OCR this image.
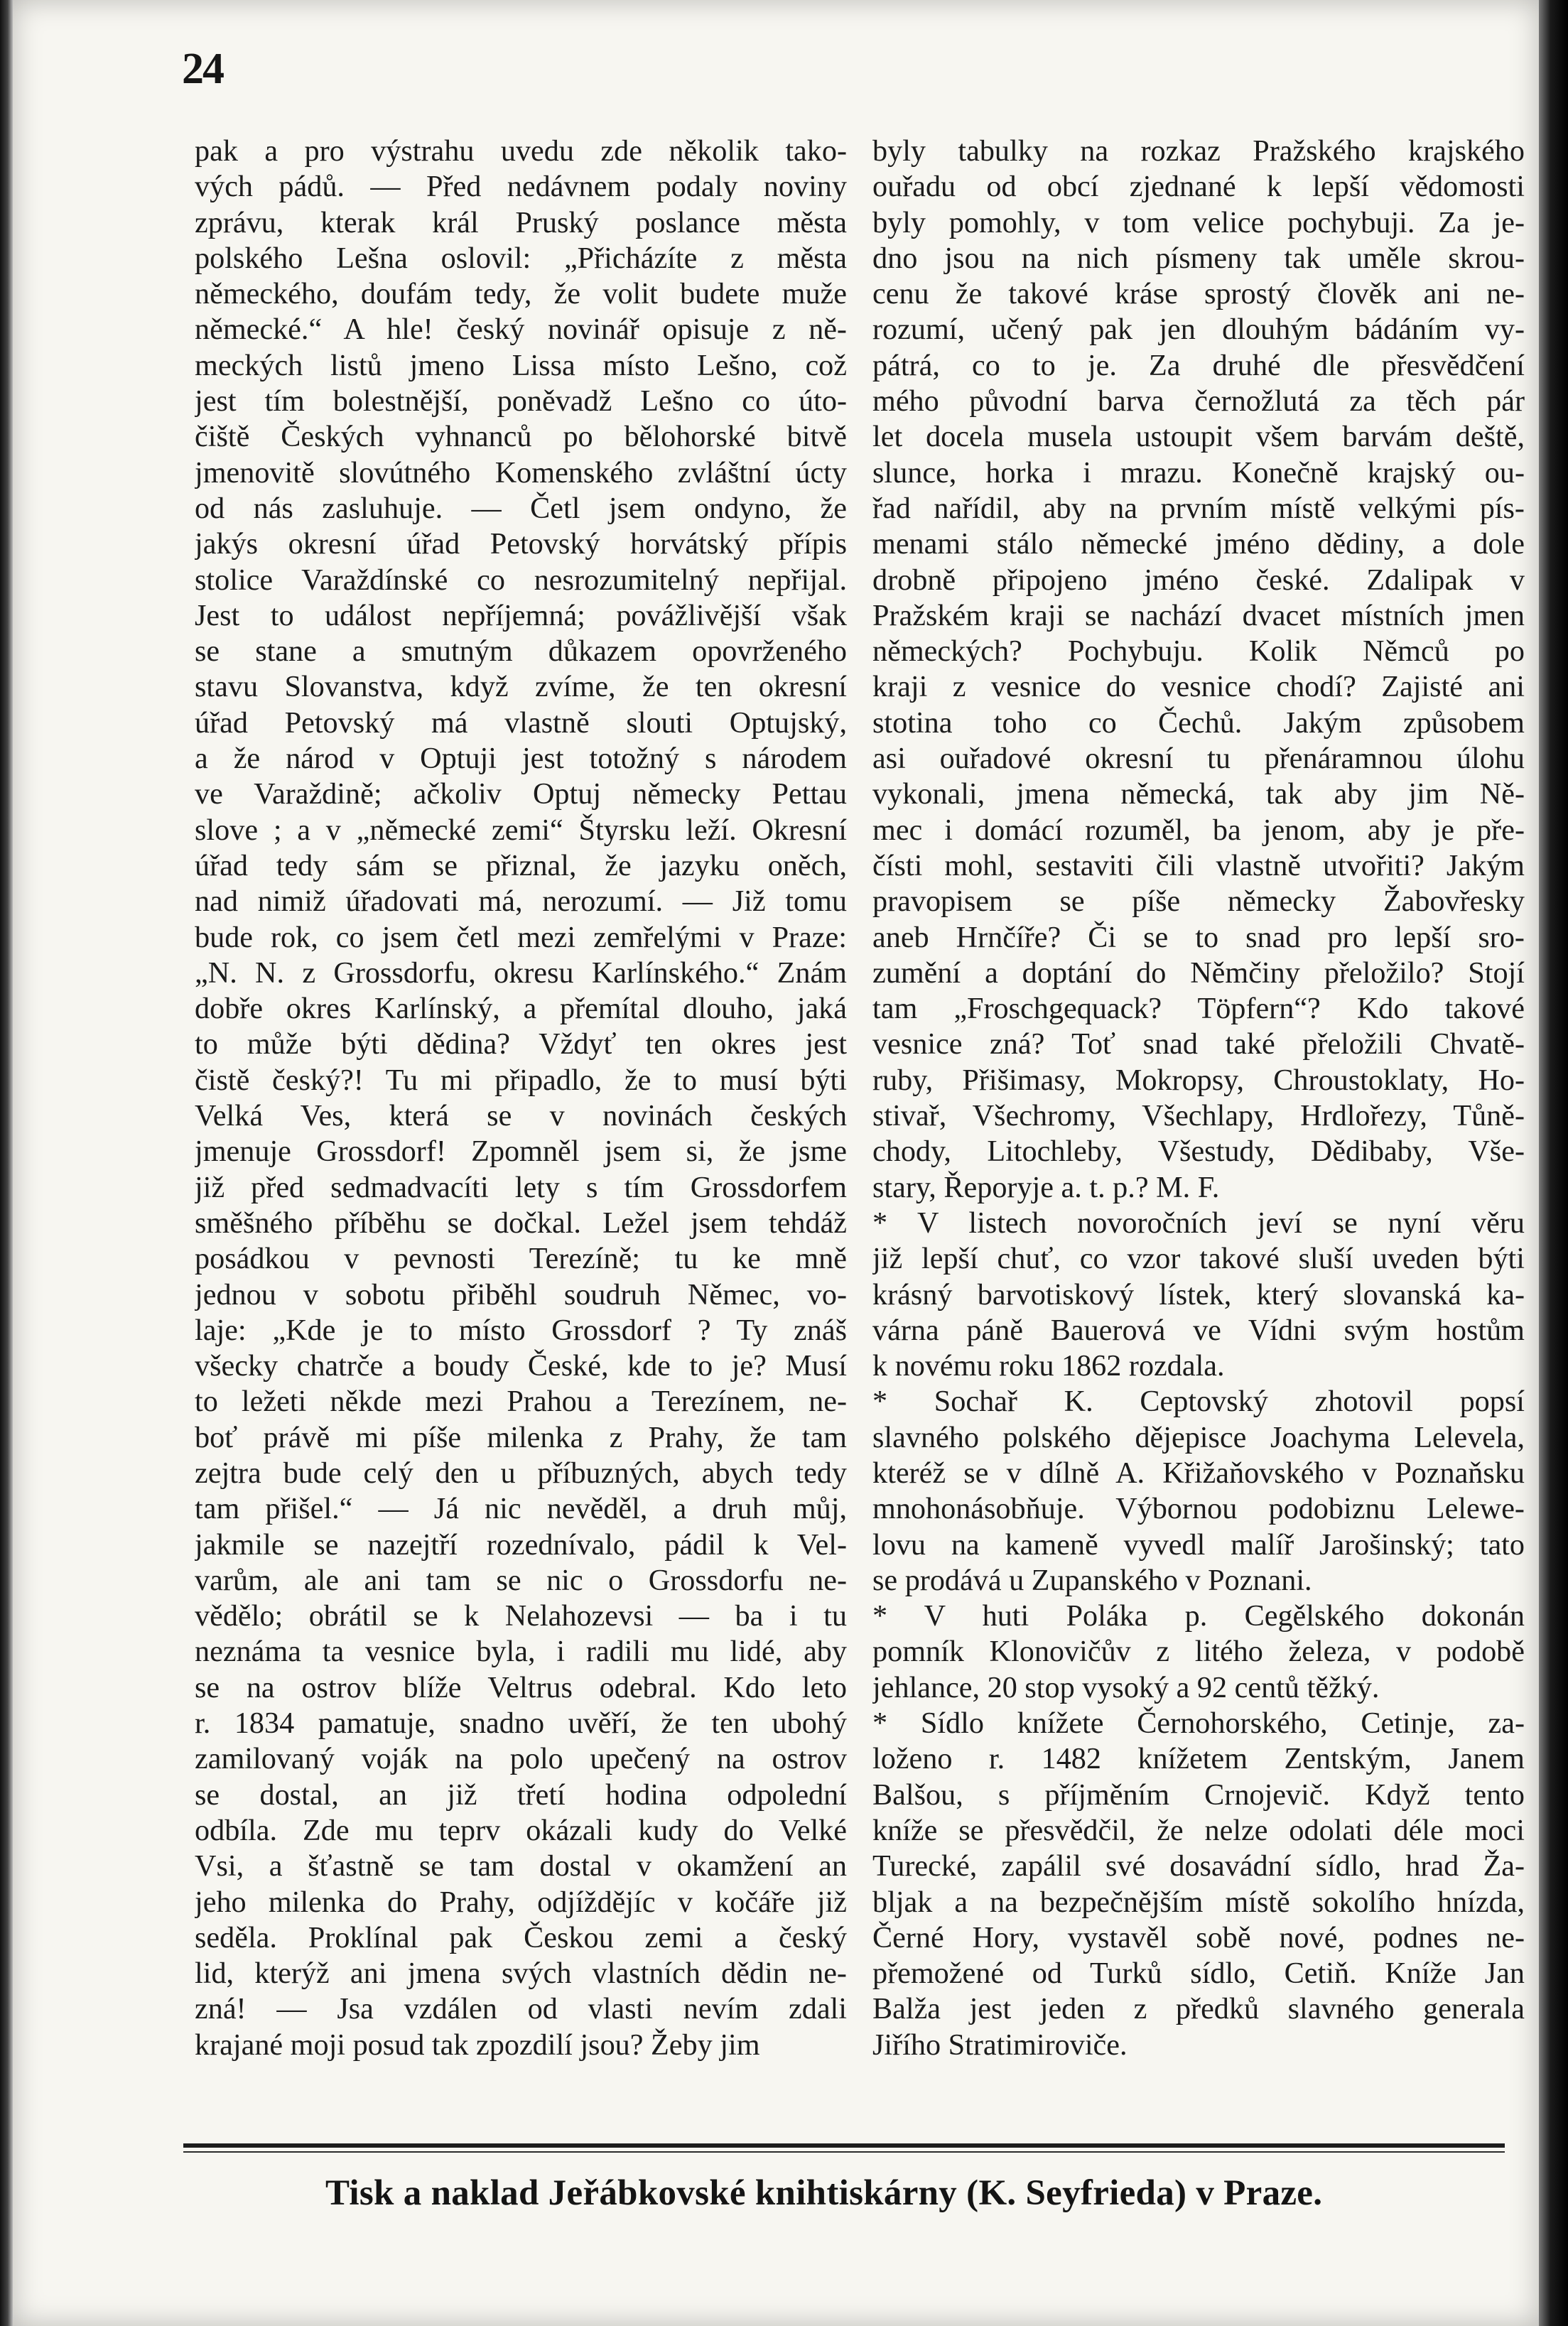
24
pak a pro výstrahu uvedu zde několik tako-
vých pádů. — Před nedávnem podaly noviny
zprávu, kterak král Pruský poslance města
polského Lešna oslovil: „Přicházíte z města
německého, doufám tedy, že volit budete muže
německé.“ A hle! český novinář opisuje z ně-
meckých listů jmeno Lissa místo Lešno, což
jest tím bolestnější, poněvadž Lešno co úto-
čiště Českých vyhnanců po bělohorské bitvě
jmenovitě slovútného Komenského zvláštní úcty
od nás zasluhuje. — Četl jsem ondyno, že
jakýs okresní úřad Petovský horvátský přípis
stolice Varaždínské co nesrozumitelný nepřijal.
Jest to událost nepříjemná; povážlivější však
se stane a smutným důkazem opovrženého
stavu Slovanstva, když zvíme, že ten okresní
úřad Petovský má vlastně slouti Optujský,
a že národ v Optuji jest totožný s národem
ve Varaždině; ačkoliv Optuj německy Pettau
slove ; a v „německé zemi“ Štyrsku leží. Okresní
úřad tedy sám se přiznal, že jazyku oněch,
nad nimiž úřadovati má, nerozumí. — Již tomu
bude rok, co jsem četl mezi zemřelými v Praze:
„N. N. z Grossdorfu, okresu Karlínského.“ Znám
dobře okres Karlínský, a přemítal dlouho, jaká
to může býti dědina? Vždyť ten okres jest
čistě český?! Tu mi připadlo, že to musí býti
Velká Ves, která se v novinách českých
jmenuje Grossdorf! Zpomněl jsem si, že jsme
již před sedmadvacíti lety s tím Grossdorfem
směšného příběhu se dočkal. Ležel jsem tehdáž
posádkou v pevnosti Terezíně; tu ke mně
jednou v sobotu přiběhl soudruh Němec, vo-
laje: „Kde je to místo Grossdorf ? Ty znáš
všecky chatrče a boudy České, kde to je? Musí
to ležeti někde mezi Prahou a Terezínem, ne-
boť právě mi píše milenka z Prahy, že tam
zejtra bude celý den u příbuzných, abych tedy
tam přišel.“ — Já nic nevěděl, a druh můj,
jakmile se nazejtří rozednívalo, pádil k Vel-
varům, ale ani tam se nic o Grossdorfu ne-
vědělo; obrátil se k Nelahozevsi — ba i tu
neznáma ta vesnice byla, i radili mu lidé, aby
se na ostrov blíže Veltrus odebral. Kdo leto
r. 1834 pamatuje, snadno uvěří, že ten ubohý
zamilovaný voják na polo upečený na ostrov
se dostal, an již třetí hodina odpolední
odbíla. Zde mu teprv okázali kudy do Velké
Vsi, a šťastně se tam dostal v okamžení an
jeho milenka do Prahy, odjíždějíc v kočáře již
seděla. Proklínal pak Českou zemi a český
lid, kterýž ani jmena svých vlastních dědin ne-
zná! — Jsa vzdálen od vlasti nevím zdali
krajané moji posud tak zpozdilí jsou? Žeby jim
byly tabulky na rozkaz Pražského krajského
ouřadu od obcí zjednané k lepší vědomosti
byly pomohly, v tom velice pochybuji. Za je-
dno jsou na nich písmeny tak uměle skrou-
cenu že takové kráse sprostý člověk ani ne-
rozumí, učený pak jen dlouhým bádáním vy-
pátrá, co to je. Za druhé dle přesvědčení
mého původní barva černožlutá za těch pár
let docela musela ustoupit všem barvám deště,
slunce, horka i mrazu. Konečně krajský ou-
řad nařídil, aby na prvním místě velkými pís-
menami stálo německé jméno dědiny, a dole
drobně připojeno jméno české. Zdalipak v
Pražském kraji se nachází dvacet místních jmen
německých? Pochybuju. Kolik Němců po
kraji z vesnice do vesnice chodí? Zajisté ani
stotina toho co Čechů. Jakým způsobem
asi ouřadové okresní tu přenáramnou úlohu
vykonali, jmena německá, tak aby jim Ně-
mec i domácí rozuměl, ba jenom, aby je pře-
čísti mohl, sestaviti čili vlastně utvořiti? Jakým
pravopisem se píše německy Žabovřesky
aneb Hrnčíře? Či se to snad pro lepší sro-
zumění a doptání do Němčiny přeložilo? Stojí
tam „Froschgequack? Töpfern“? Kdo takové
vesnice zná? Toť snad také přeložili Chvatě-
ruby, Přišimasy, Mokropsy, Chroustoklaty, Ho-
stivař, Všechromy, Všechlapy, Hrdlořezy, Tůně-
chody, Litochleby, Všestudy, Dědibaby, Vše-
stary, Řeporyje a. t. p.? M. F.
* V listech novoročních jeví se nyní věru
již lepší chuť, co vzor takové sluší uveden býti
krásný barvotiskový lístek, který slovanská ka-
várna páně Bauerová ve Vídni svým hostům
k novému roku 1862 rozdala.
* Sochař K. Ceptovský zhotovil popsí
slavného polského dějepisce Joachyma Lelevela,
kteréž se v dílně A. Křižaňovského v Poznaňsku
mnohonásobňuje. Výbornou podobiznu Lelewe-
lovu na kameně vyvedl malíř Jarošinský; tato
se prodává u Zupanského v Poznani.
* V huti Poláka p. Cegělského dokonán
pomník Klonovičův z litého železa, v podobě
jehlance, 20 stop vysoký a 92 centů těžký.
* Sídlo knížete Černohorského, Cetinje, za-
loženo r. 1482 knížetem Zentským, Janem
Balšou, s příjměním Crnojevič. Když tento
kníže se přesvědčil, že nelze odolati déle moci
Turecké, zapálil své dosavádní sídlo, hrad Ža-
bljak a na bezpečnějším místě sokolího hnízda,
Černé Hory, vystavěl sobě nové, podnes ne-
přemožené od Turků sídlo, Cetiň. Kníže Jan
Balža jest jeden z předků slavného generala
Jiřího Stratimiroviče.
Tisk a naklad Jeřábkovské knihtiskárny (K. Seyfrieda) v Praze.
